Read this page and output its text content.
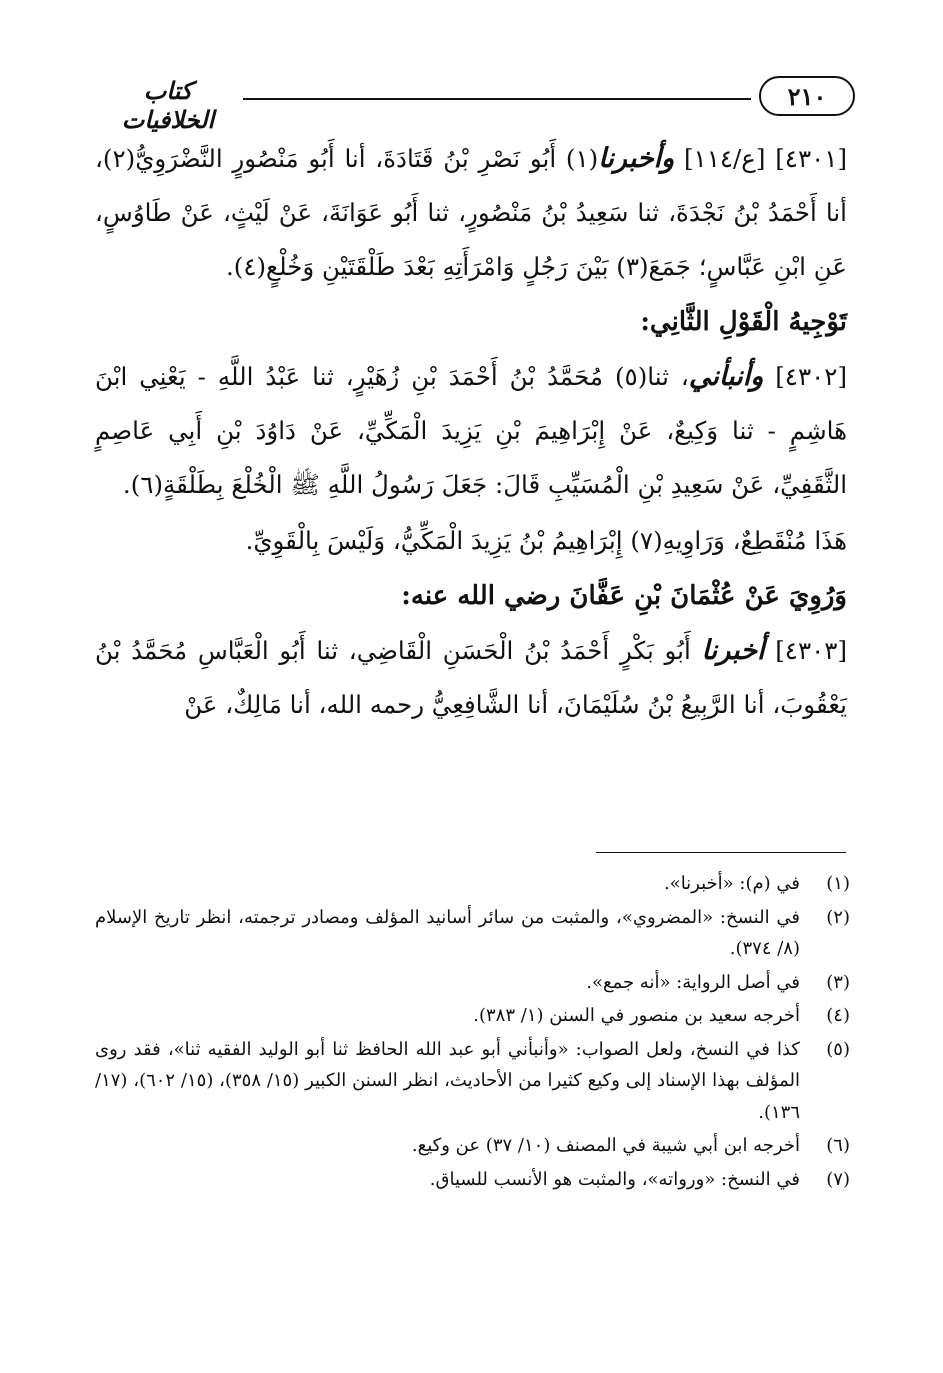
٢١٠
كتاب الخلافيات

[٤٣٠١] [ع/١١٤] وأخبرنا(١) أَبُو نَصْرِ بْنُ قَتَادَةَ، أنا أَبُو مَنْصُورٍ النَّضْرَوِيُّ(٢)، أنا أَحْمَدُ بْنُ نَجْدَةَ، ثنا سَعِيدُ بْنُ مَنْصُورٍ، ثنا أَبُو عَوَانَةَ، عَنْ لَيْثٍ، عَنْ طَاوُسٍ، عَنِ ابْنِ عَبَّاسٍ؛ جَمَعَ(٣) بَيْنَ رَجُلٍ وَامْرَأَتِهِ بَعْدَ طَلْقَتَيْنِ وَخُلْعٍ(٤).

تَوْجِيهُ الْقَوْلِ الثَّانِي:

[٤٣٠٢] وأنبأني، ثنا(٥) مُحَمَّدُ بْنُ أَحْمَدَ بْنِ زُهَيْرٍ، ثنا عَبْدُ اللَّهِ - يَعْنِي ابْنَ هَاشِمٍ - ثنا وَكِيعٌ، عَنْ إِبْرَاهِيمَ بْنِ يَزِيدَ الْمَكِّيِّ، عَنْ دَاوُدَ بْنِ أَبِي عَاصِمٍ الثَّقَفِيِّ، عَنْ سَعِيدِ بْنِ الْمُسَيِّبِ قَالَ: جَعَلَ رَسُولُ اللَّهِ ﷺ الْخُلْعَ بِطَلْقَةٍ(٦).

هَذَا مُنْقَطِعٌ، وَرَاوِيهِ(٧) إِبْرَاهِيمُ بْنُ يَزِيدَ الْمَكِّيُّ، وَلَيْسَ بِالْقَوِيِّ.

وَرُوِيَ عَنْ عُثْمَانَ بْنِ عَفَّانَ رضي الله عنه:

[٤٣٠٣] أخبرنا أَبُو بَكْرٍ أَحْمَدُ بْنُ الْحَسَنِ الْقَاضِي، ثنا أَبُو الْعَبَّاسِ مُحَمَّدُ بْنُ يَعْقُوبَ، أنا الرَّبِيعُ بْنُ سُلَيْمَانَ، أنا الشَّافِعِيُّ رحمه الله، أنا مَالِكٌ، عَنْ

(١)
في (م): «أخبرنا».
(٢)
في النسخ: «المضروي»، والمثبت من سائر أسانيد المؤلف ومصادر ترجمته، انظر تاريخ الإسلام (٨/ ٣٧٤).
(٣)
في أصل الرواية: «أنه جمع».
(٤)
أخرجه سعيد بن منصور في السنن (١/ ٣٨٣).
(٥)
كذا في النسخ، ولعل الصواب: «وأنبأني أبو عبد الله الحافظ ثنا أبو الوليد الفقيه ثنا»، فقد روى المؤلف بهذا الإسناد إلى وكيع كثيرا من الأحاديث، انظر السنن الكبير (١٥/ ٣٥٨)، (١٥/ ٦٠٢)، (١٧/ ١٣٦).
(٦)
أخرجه ابن أبي شيبة في المصنف (١٠/ ٣٧) عن وكيع.
(٧)
في النسخ: «ورواته»، والمثبت هو الأنسب للسياق.
